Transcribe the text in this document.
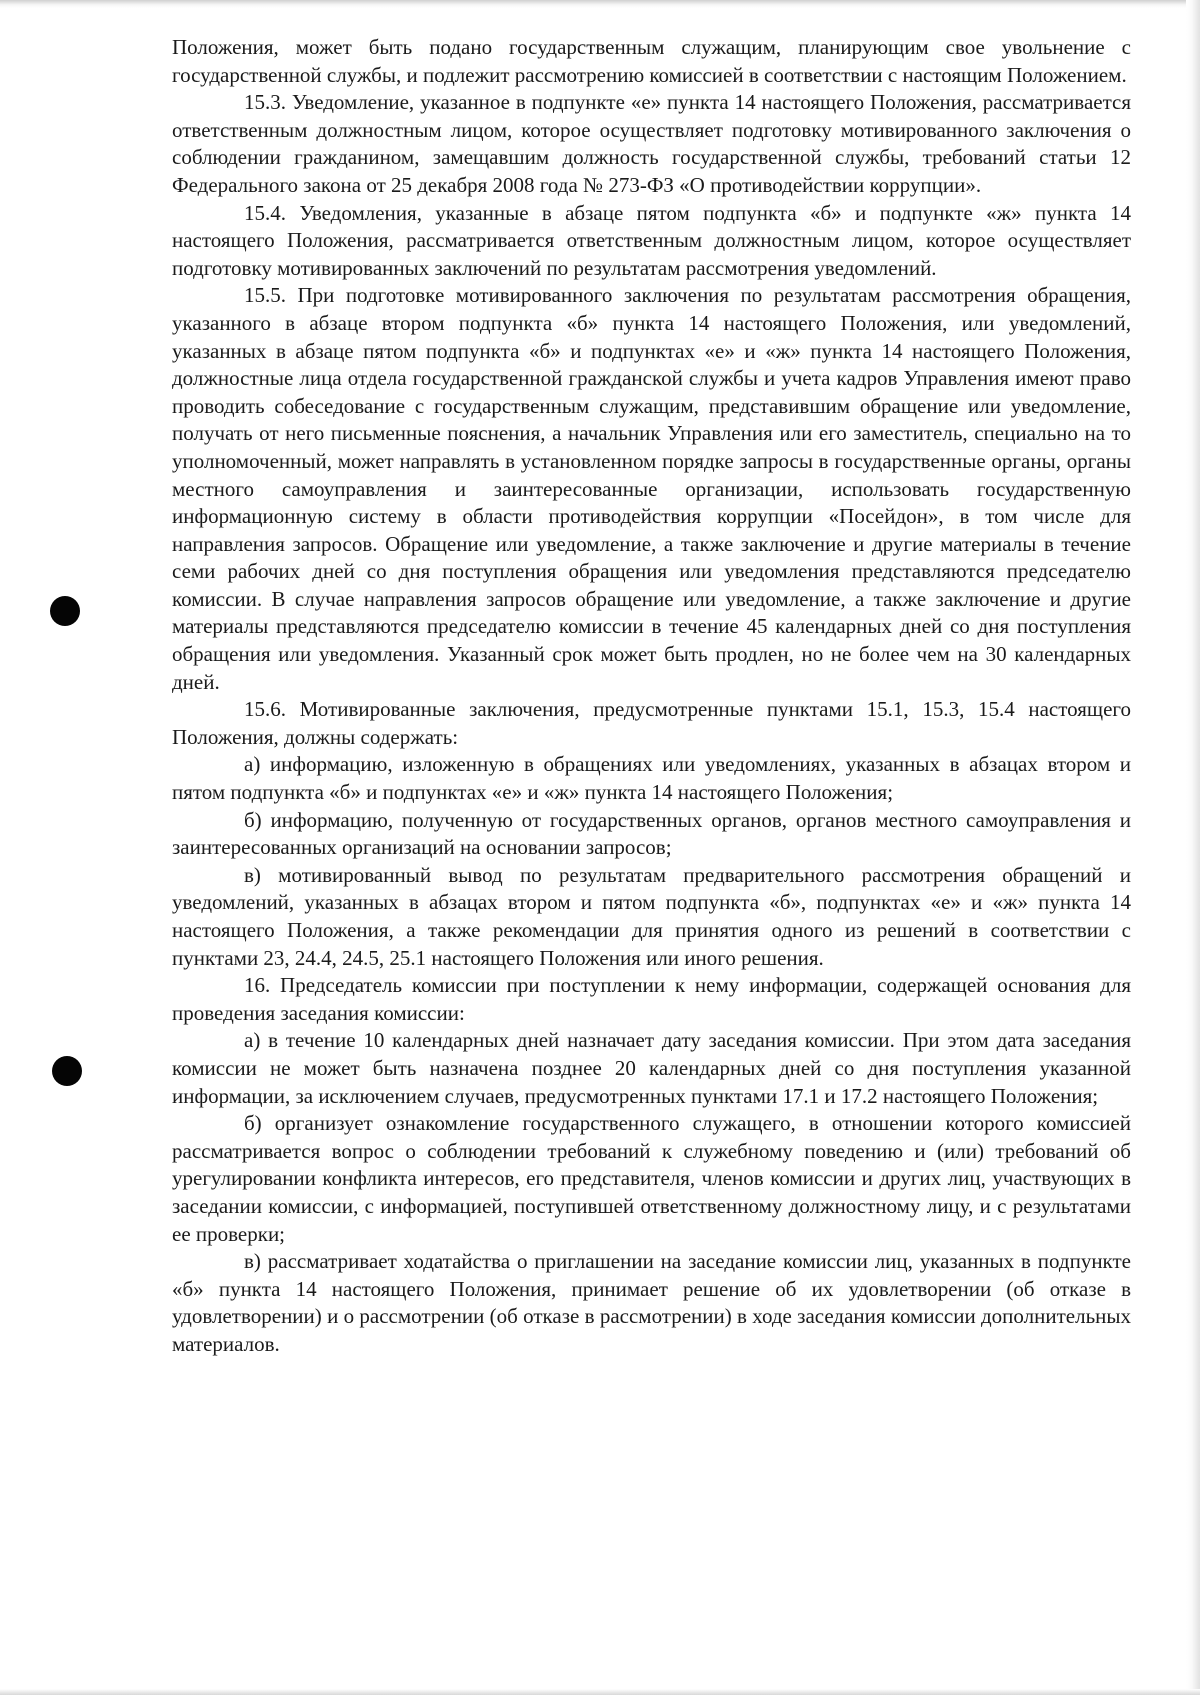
Положения, может быть подано государственным служащим, планирующим свое увольнение с государственной службы, и подлежит рассмотрению комиссией в соответствии с настоящим Положением.

15.3. Уведомление, указанное в подпункте «е» пункта 14 настоящего Положения, рассматривается ответственным должностным лицом, которое осуществляет подготовку мотивированного заключения о соблюдении гражданином, замещавшим должность государственной службы, требований статьи 12 Федерального закона от 25 декабря 2008 года № 273-ФЗ «О противодействии коррупции».

15.4. Уведомления, указанные в абзаце пятом подпункта «б» и подпункте «ж» пункта 14 настоящего Положения, рассматривается ответственным должностным лицом, которое осуществляет подготовку мотивированных заключений по результатам рассмотрения уведомлений.

15.5. При подготовке мотивированного заключения по результатам рассмотрения обращения, указанного в абзаце втором подпункта «б» пункта 14 настоящего Положения, или уведомлений, указанных в абзаце пятом подпункта «б» и подпунктах «е» и «ж» пункта 14 настоящего Положения, должностные лица отдела государственной гражданской службы и учета кадров Управления имеют право проводить собеседование с государственным служащим, представившим обращение или уведомление, получать от него письменные пояснения, а начальник Управления или его заместитель, специально на то уполномоченный, может направлять в установленном порядке запросы в государственные органы, органы местного самоуправления и заинтересованные организации, использовать государственную информационную систему в области противодействия коррупции «Посейдон», в том числе для направления запросов. Обращение или уведомление, а также заключение и другие материалы в течение семи рабочих дней со дня поступления обращения или уведомления представляются председателю комиссии. В случае направления запросов обращение или уведомление, а также заключение и другие материалы представляются председателю комиссии в течение 45 календарных дней со дня поступления обращения или уведомления. Указанный срок может быть продлен, но не более чем на 30 календарных дней.

15.6. Мотивированные заключения, предусмотренные пунктами 15.1, 15.3, 15.4 настоящего Положения, должны содержать:

а) информацию, изложенную в обращениях или уведомлениях, указанных в абзацах втором и пятом подпункта «б» и подпунктах «е» и «ж» пункта 14 настоящего Положения;

б) информацию, полученную от государственных органов, органов местного самоуправления и заинтересованных организаций на основании запросов;

в) мотивированный вывод по результатам предварительного рассмотрения обращений и уведомлений, указанных в абзацах втором и пятом подпункта «б», подпунктах «е» и «ж» пункта 14 настоящего Положения, а также рекомендации для принятия одного из решений в соответствии с пунктами 23, 24.4, 24.5, 25.1 настоящего Положения или иного решения.

16. Председатель комиссии при поступлении к нему информации, содержащей основания для проведения заседания комиссии:

а) в течение 10 календарных дней назначает дату заседания комиссии. При этом дата заседания комиссии не может быть назначена позднее 20 календарных дней со дня поступления указанной информации, за исключением случаев, предусмотренных пунктами 17.1 и 17.2 настоящего Положения;

б) организует ознакомление государственного служащего, в отношении которого комиссией рассматривается вопрос о соблюдении требований к служебному поведению и (или) требований об урегулировании конфликта интересов, его представителя, членов комиссии и других лиц, участвующих в заседании комиссии, с информацией, поступившей ответственному должностному лицу, и с результатами ее проверки;

в) рассматривает ходатайства о приглашении на заседание комиссии лиц, указанных в подпункте «б» пункта 14 настоящего Положения, принимает решение об их удовлетворении (об отказе в удовлетворении) и о рассмотрении (об отказе в рассмотрении) в ходе заседания комиссии дополнительных материалов.
